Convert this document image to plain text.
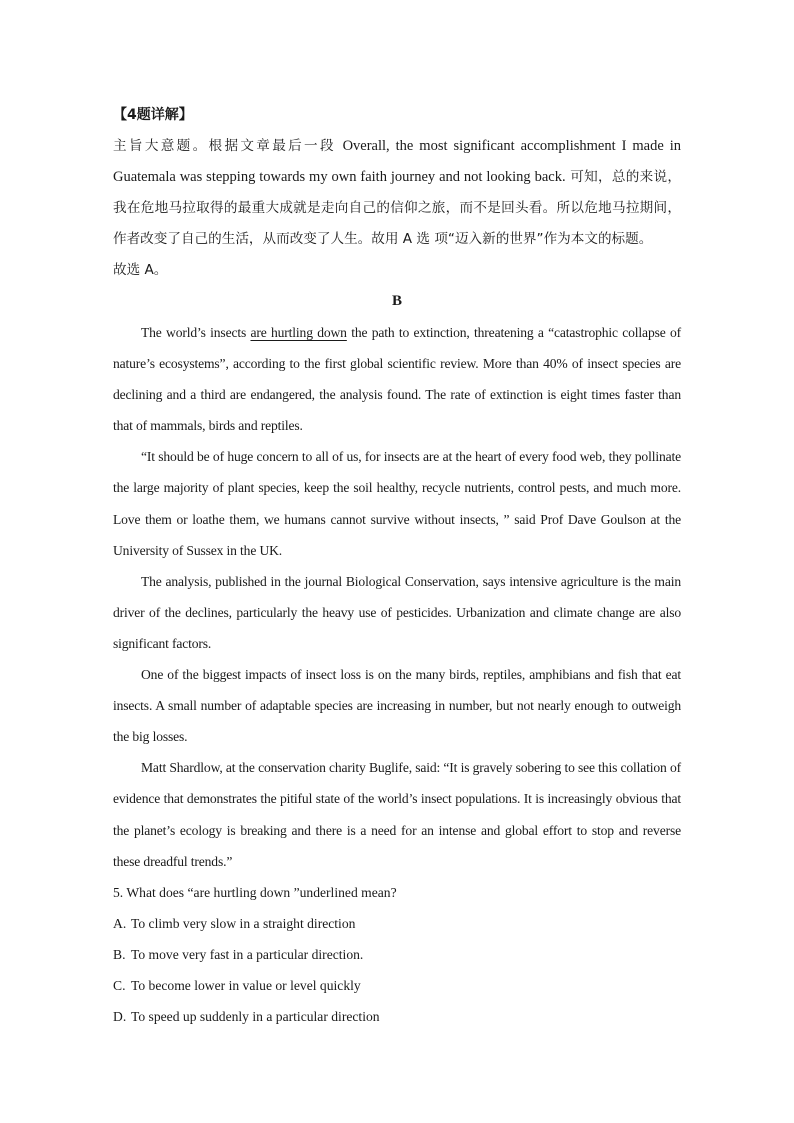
【4题详解】

主旨大意题。根据文章最后一段 Overall, the most significant accomplishment I made in Guatemala was stepping towards my own faith journey and not looking back. 可知，总的来说，我在危地马拉取得的最重大成就是走向自己的信仰之旅，而不是回头看。所以危地马拉期间，作者改变了自己的生活，从而改变了人生。故用 A 选 项“迈入新的世界”作为本文的标题。

故选 A。

B

The world’s insects are hurtling down the path to extinction, threatening a “catastrophic collapse of nature’s ecosystems”, according to the first global scientific review. More than 40% of insect species are declining and a third are endangered, the analysis found. The rate of extinction is eight times faster than that of mammals, birds and reptiles.

“It should be of huge concern to all of us, for insects are at the heart of every food web, they pollinate the large majority of plant species, keep the soil healthy, recycle nutrients, control pests, and much more. Love them or loathe them, we humans cannot survive without insects, ” said Prof Dave Goulson at the University of Sussex in the UK.

The analysis, published in the journal Biological Conservation, says intensive agriculture is the main driver of the declines, particularly the heavy use of pesticides. Urbanization and climate change are also significant factors.

One of the biggest impacts of insect loss is on the many birds, reptiles, amphibians and fish that eat insects. A small number of adaptable species are increasing in number, but not nearly enough to outweigh the big losses.

Matt Shardlow, at the conservation charity Buglife, said: “It is gravely sobering to see this collation of evidence that demonstrates the pitiful state of the world’s insect populations. It is increasingly obvious that the planet’s ecology is breaking and there is a need for an intense and global effort to stop and reverse these dreadful trends.”

5. What does “are hurtling down ”underlined mean?

A. To climb very slow in a straight direction

B. To move very fast in a particular direction.

C. To become lower in value or level quickly

D. To speed up suddenly in a particular direction
